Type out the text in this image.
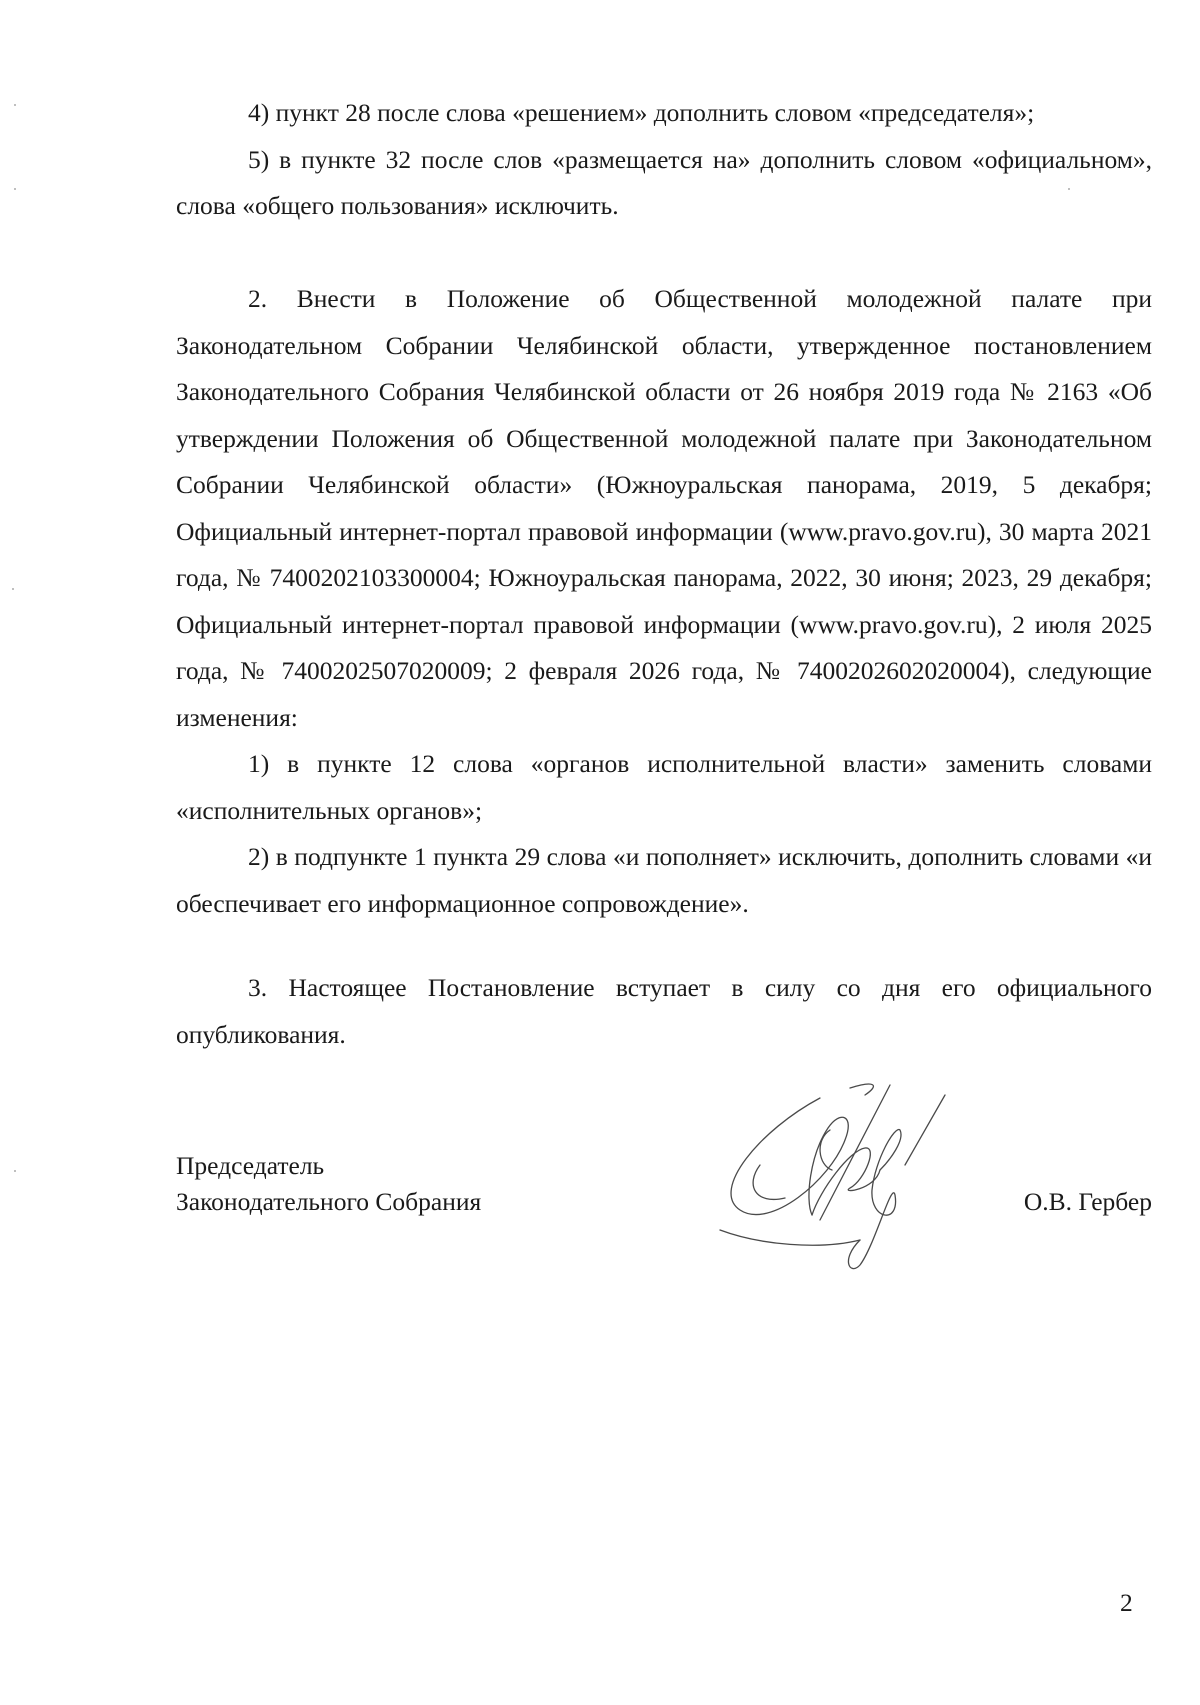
4) пункт 28 после слова «решением» дополнить словом «председателя»;

5) в пункте 32 после слов «размещается на» дополнить словом «официальном», слова «общего пользования» исключить.

2. Внести в Положение об Общественной молодежной палате при Законодательном Собрании Челябинской области, утвержденное постановлением Законодательного Собрания Челябинской области от 26 ноября 2019 года № 2163 «Об утверждении Положения об Общественной молодежной палате при Законодательном Собрании Челябинской области» (Южноуральская панорама, 2019, 5 декабря; Официальный интернет-портал правовой информации (www.pravo.gov.ru), 30 марта 2021 года, № 7400202103300004; Южноуральская панорама, 2022, 30 июня; 2023, 29 декабря; Официальный интернет-портал правовой информации (www.pravo.gov.ru), 2 июля 2025 года, № 7400202507020009; 2 февраля 2026 года, № 7400202602020004), следующие изменения:

1) в пункте 12 слова «органов исполнительной власти» заменить словами «исполнительных органов»;

2) в подпункте 1 пункта 29 слова «и пополняет» исключить, дополнить словами «и обеспечивает его информационное сопровождение».

3. Настоящее Постановление вступает в силу со дня его официального опубликования.

Председатель
Законодательного Собрания	О.В. Гербер
2
